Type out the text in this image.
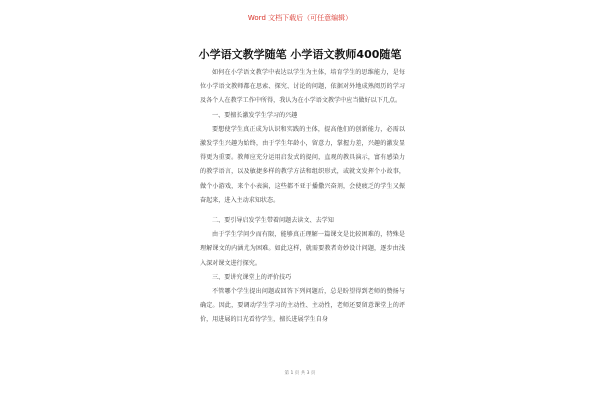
Word 文档下载后（可任意编辑）
小学语文教学随笔 小学语文教师400随笔

如何在小学语文教学中表达以学生为主体，培育学生的思维能力，是每位小学语文教师都在思索、探究、讨论的问题，依据对外地成熟阅历的学习及各个人在教学工作中所得，我认为在小学语文教学中应当做好以下几点。

一、要擅长激发学生学习的兴趣

要想使学生真正成为认识和实践的主体，提高他们的创新能力，必需以激发学生兴趣为始终，由于学生年龄小，留意力，掌握力差，兴趣的激发显得更为重要。教师应充分运用启发式的提问，直观的教具演示，富有感染力的教学语言，以及敏捷多样的教学方法和组织形式，或就文发挥个小故事，做个小游戏，来个小表演，这些都不亚于播撒兴奋剂，会使疲乏的学生又振奋起来，进入主动求知状态。

二、要引导启发学生带着问题去读文、去学知

由于学生学问少而有限，能够真正理解一篇课文是比较困难的，特殊是理解课文的内涵尤为困难。如此这样，就需要教者奇妙设计问题，逐步由浅入深对课文进行探究。

三、要讲究课堂上的评价技巧

不管哪个学生提出问题或回答下列问题后，总是盼望得到老师的赞扬与确定。因此，要调动学生学习的主动性、主动性，老师还要留意课堂上的评价，用进展的目光看待学生，擅长进展学生自身

第 1 页 共 3 页
